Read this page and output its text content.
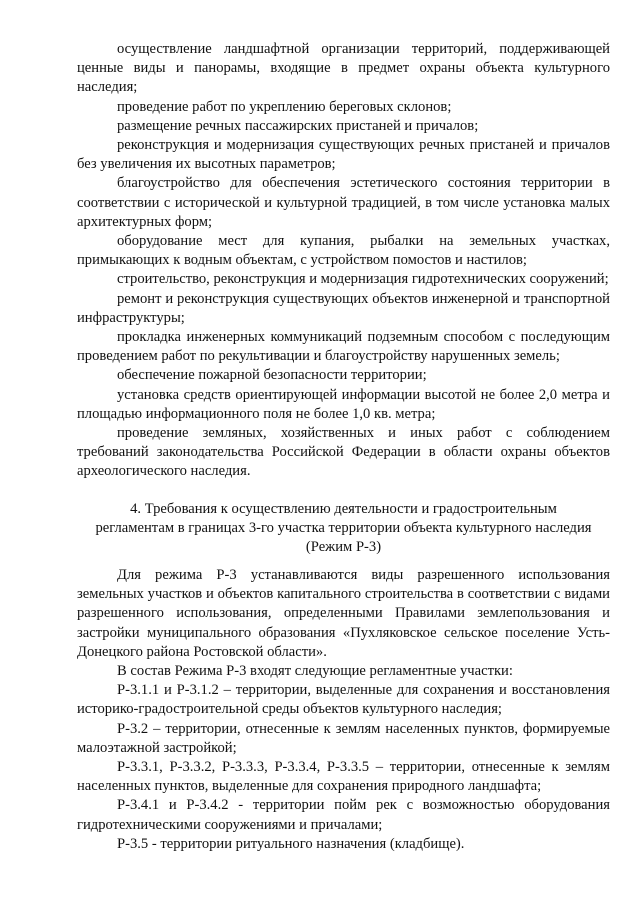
осуществление ландшафтной организации территорий, поддерживающей ценные виды и панорамы, входящие в предмет охраны объекта культурного наследия;

проведение работ по укреплению береговых склонов;

размещение речных пассажирских пристаней и причалов;

реконструкция и модернизация существующих речных пристаней и причалов без увеличения их высотных параметров;

благоустройство для обеспечения эстетического состояния территории в соответствии с исторической и культурной традицией, в том числе установка малых архитектурных форм;

оборудование мест для купания, рыбалки на земельных участках, примыкающих к водным объектам, с устройством помостов и настилов;

строительство, реконструкция и модернизация гидротехнических сооружений;

ремонт и реконструкция существующих объектов инженерной и транспортной инфраструктуры;

прокладка инженерных коммуникаций подземным способом с последующим проведением работ по рекультивации и благоустройству нарушенных земель;

обеспечение пожарной безопасности территории;

установка средств ориентирующей информации высотой не более 2,0 метра и площадью информационного поля не более 1,0 кв. метра;

проведение земляных, хозяйственных и иных работ с соблюдением требований законодательства Российской Федерации в области охраны объектов археологического наследия.

4. Требования к осуществлению деятельности и градостроительным

регламентам в границах 3-го участка территории объекта культурного наследия

(Режим Р-3)

Для режима Р-3 устанавливаются виды разрешенного использования земельных участков и объектов капитального строительства в соответствии с видами разрешенного использования, определенными Правилами землепользования и застройки муниципального образования «Пухляковское сельское поселение Усть-Донецкого района Ростовской области».

В состав Режима Р-3 входят следующие регламентные участки:

Р-3.1.1 и Р-3.1.2 – территории, выделенные для сохранения и восстановления историко-градостроительной среды объектов культурного наследия;

Р-3.2 – территории, отнесенные к землям населенных пунктов, формируемые малоэтажной застройкой;

Р-3.3.1, Р-3.3.2, Р-3.3.3, Р-3.3.4, Р-3.3.5 – территории, отнесенные к землям населенных пунктов, выделенные для сохранения природного ландшафта;

Р-3.4.1 и Р-3.4.2 - территории пойм рек с возможностью оборудования гидротехническими сооружениями и причалами;

Р-3.5 - территории ритуального назначения (кладбище).
